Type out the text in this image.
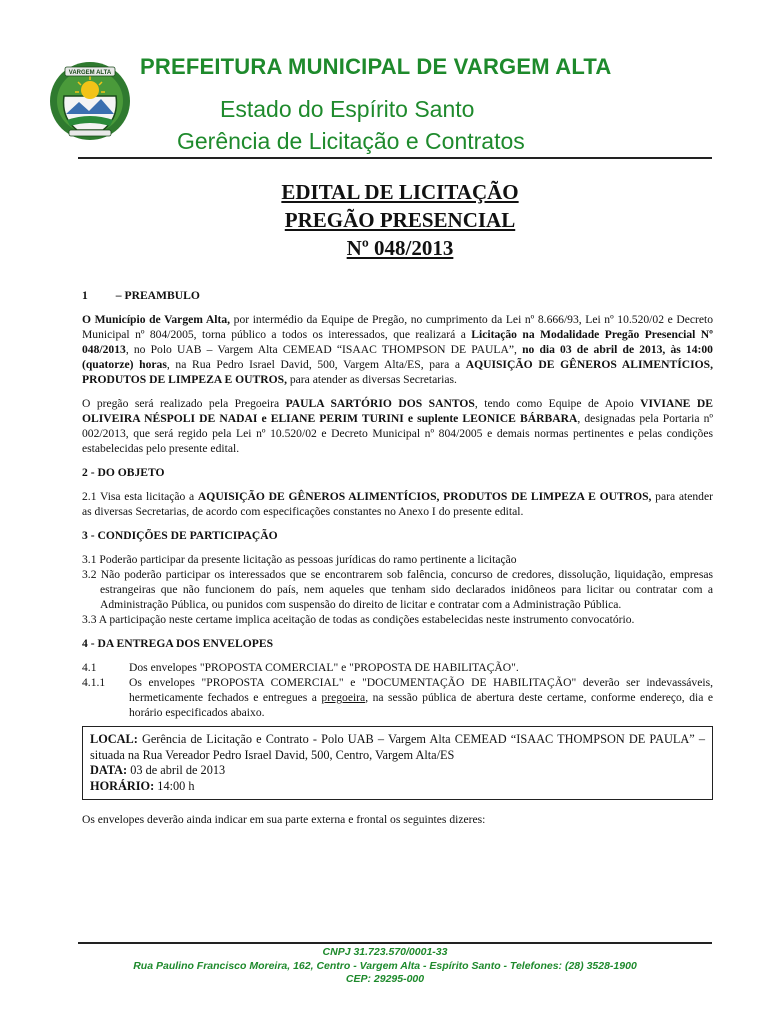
VARGEM ALTA PREFEITURA MUNICIPAL DE VARGEM ALTA
Estado do Espírito Santo
Gerência de Licitação e Contratos
EDITAL DE LICITAÇÃO
PREGÃO PRESENCIAL
Nº 048/2013
1 – PREAMBULO

O Município de Vargem Alta, por intermédio da Equipe de Pregão, no cumprimento da Lei nº 8.666/93, Lei nº 10.520/02 e Decreto Municipal nº 804/2005, torna público a todos os interessados, que realizará a Licitação na Modalidade Pregão Presencial Nº 048/2013, no Polo UAB – Vargem Alta CEMEAD “ISAAC THOMPSON DE PAULA”, no dia 03 de abril de 2013, às 14:00 (quatorze) horas, na Rua Pedro Israel David, 500, Vargem Alta/ES, para a AQUISIÇÃO DE GÊNEROS ALIMENTÍCIOS, PRODUTOS DE LIMPEZA E OUTROS, para atender as diversas Secretarias.

O pregão será realizado pela Pregoeira PAULA SARTÓRIO DOS SANTOS, tendo como Equipe de Apoio VIVIANE DE OLIVEIRA NÉSPOLI DE NADAI e ELIANE PERIM TURINI e suplente LEONICE BÁRBARA, designadas pela Portaria nº 002/2013, que será regido pela Lei nº 10.520/02 e Decreto Municipal nº 804/2005 e demais normas pertinentes e pelas condições estabelecidas pelo presente edital.

2 - DO OBJETO

2.1 Visa esta licitação a AQUISIÇÃO DE GÊNEROS ALIMENTÍCIOS, PRODUTOS DE LIMPEZA E OUTROS, para atender as diversas Secretarias, de acordo com especificações constantes no Anexo I do presente edital.

3 - CONDIÇÕES DE PARTICIPAÇÃO
3.1 Poderão participar da presente licitação as pessoas jurídicas do ramo pertinente a licitação
3.2 Não poderão participar os interessados que se encontrarem sob falência, concurso de credores, dissolução, liquidação, empresas estrangeiras que não funcionem do país, nem aqueles que tenham sido declarados inidôneos para licitar ou contratar com a Administração Pública, ou punidos com suspensão do direito de licitar e contratar com a Administração Pública.
3.3 A participação neste certame implica aceitação de todas as condições estabelecidas neste instrumento convocatório.
4 - DA ENTREGA DOS ENVELOPES
4.1	Dos envelopes "PROPOSTA COMERCIAL" e "PROPOSTA DE HABILITAÇÃO".
4.1.1	Os envelopes "PROPOSTA COMERCIAL" e "DOCUMENTAÇÃO DE HABILITAÇÃO" deverão ser indevassáveis, hermeticamente fechados e entregues a pregoeira, na sessão pública de abertura deste certame, conforme endereço, dia e horário especificados abaixo.
LOCAL: Gerência de Licitação e Contrato - Polo UAB – Vargem Alta CEMEAD “ISAAC THOMPSON DE PAULA” – situada na Rua Vereador Pedro Israel David, 500, Centro, Vargem Alta/ES
DATA: 03 de abril de 2013
HORÁRIO: 14:00 h

Os envelopes deverão ainda indicar em sua parte externa e frontal os seguintes dizeres:

CNPJ 31.723.570/0001-33
Rua Paulino Francisco Moreira, 162, Centro - Vargem Alta - Espírito Santo - Telefones: (28) 3528-1900
CEP: 29295-000
